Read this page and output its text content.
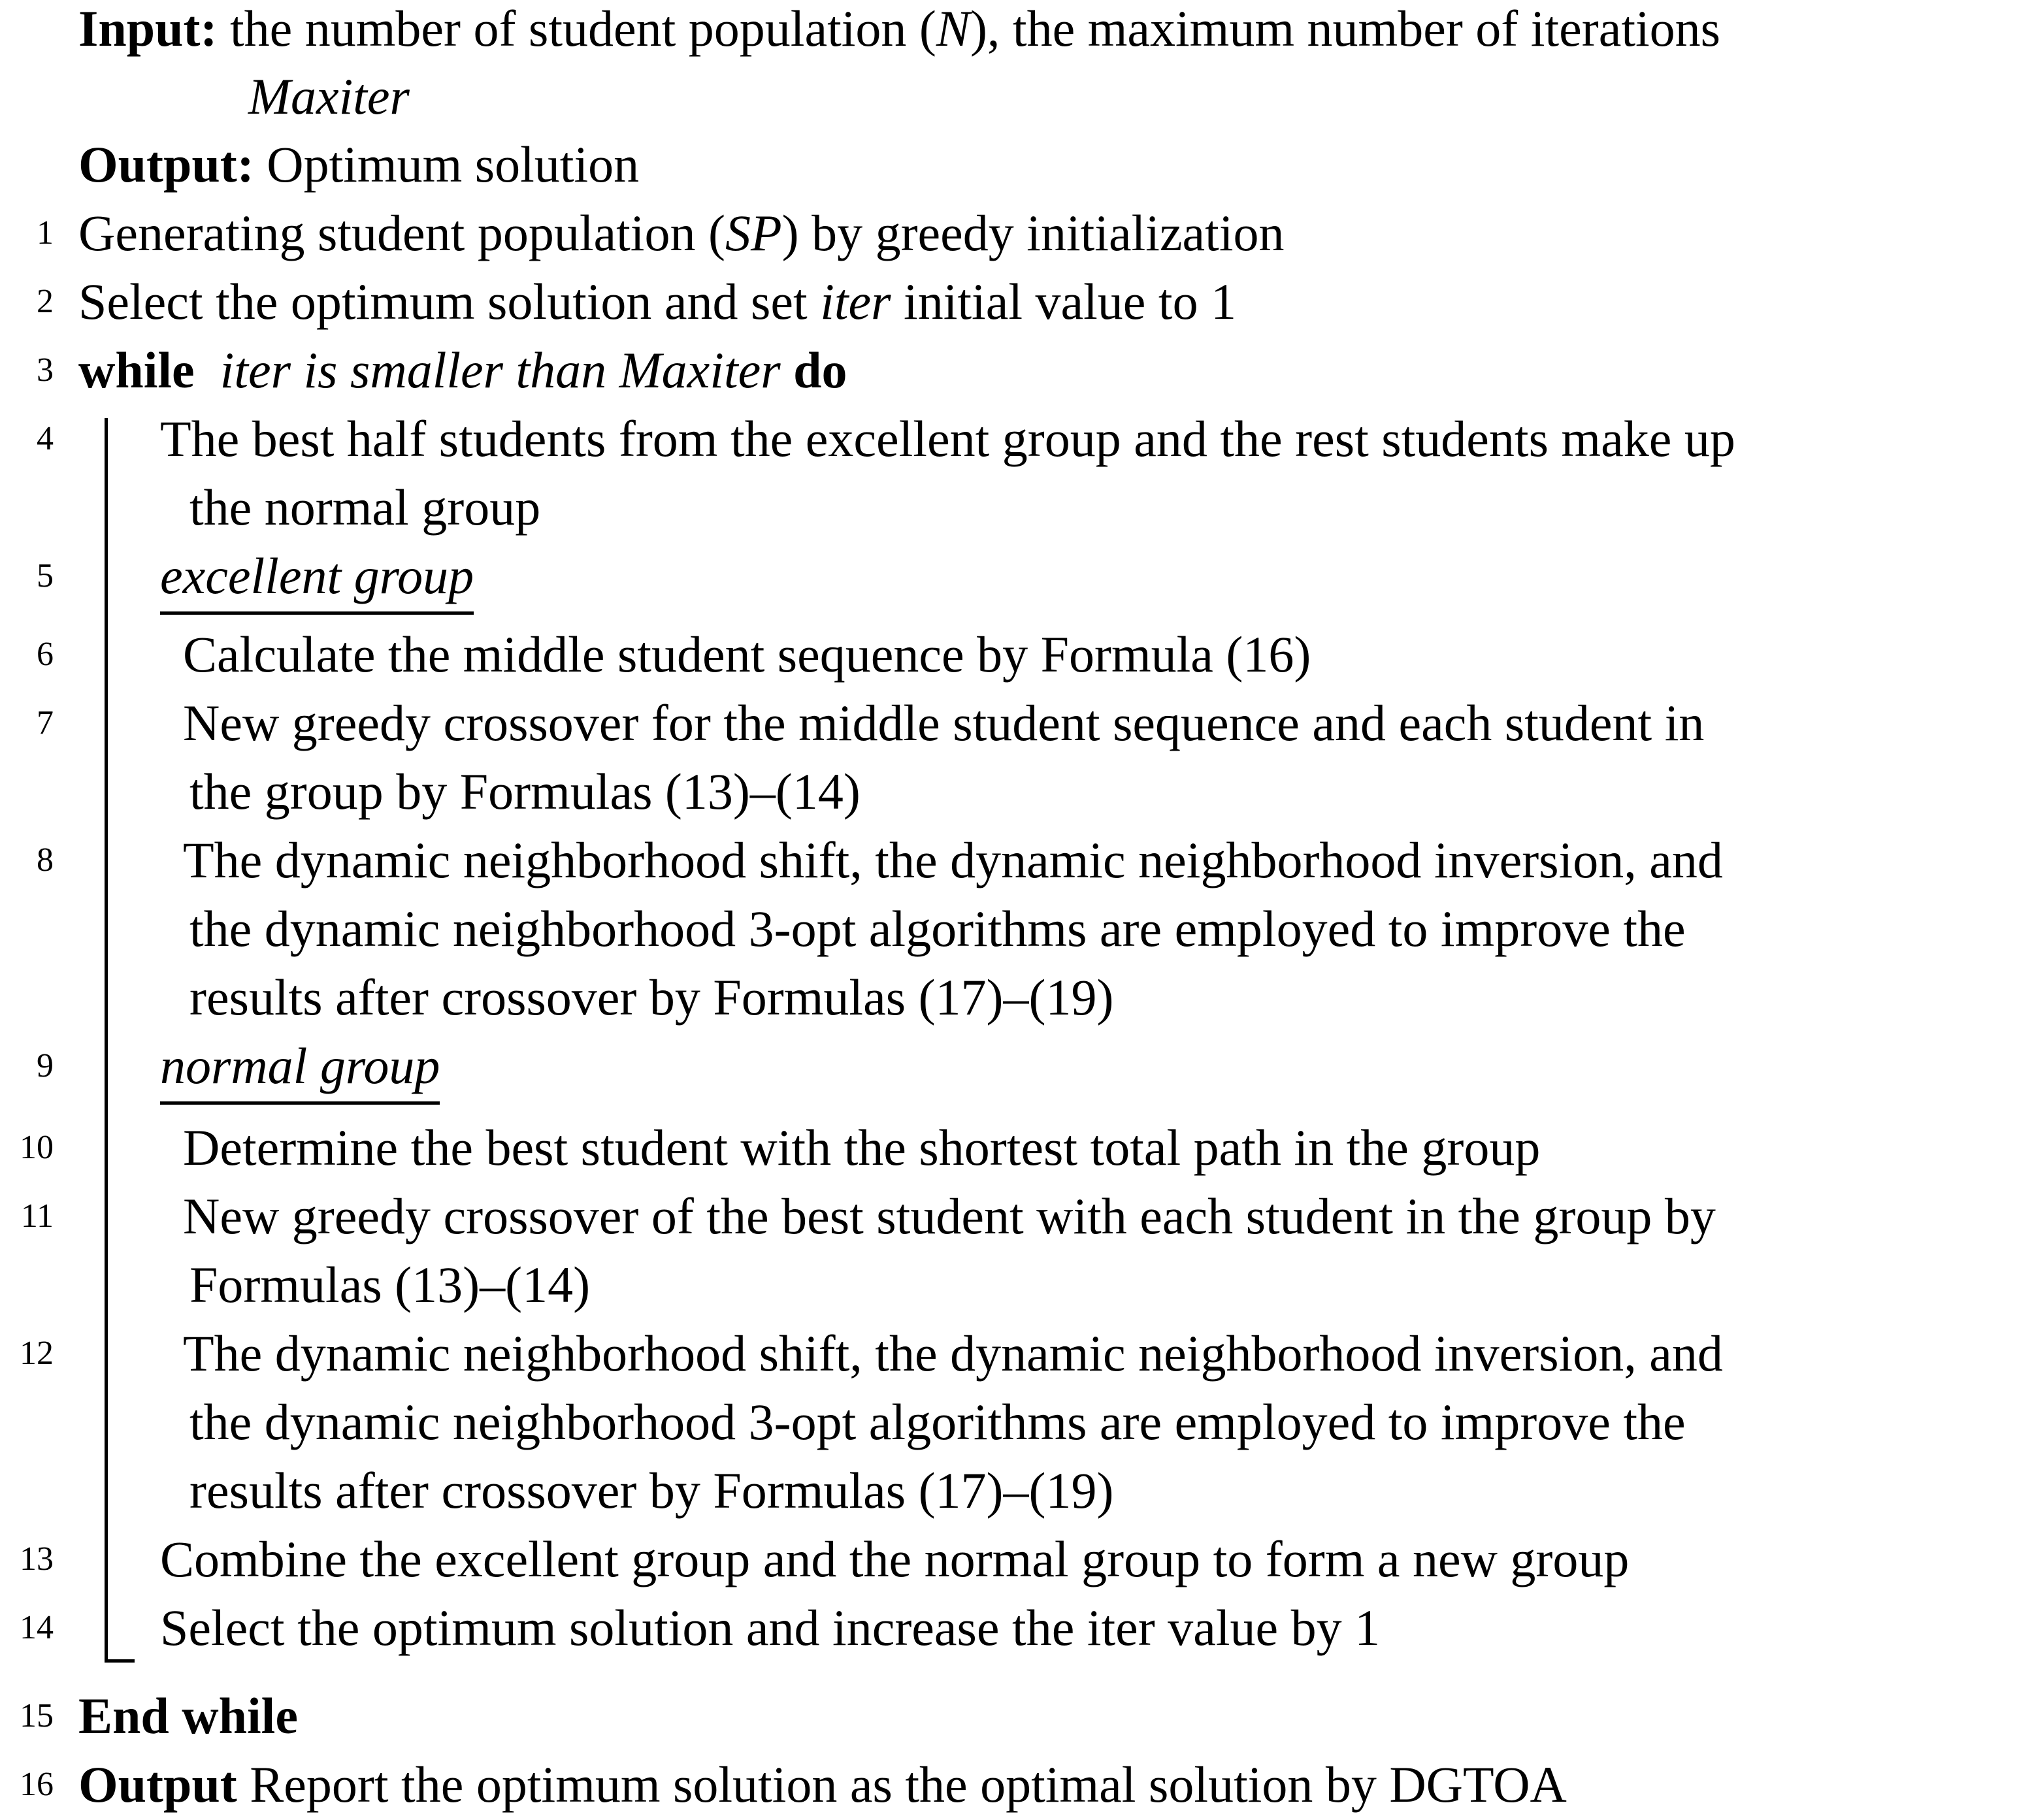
Input: the number of student population (N), the maximum number of iterations
Maxiter
Output: Optimum solution
1 Generating student population (SP) by greedy initialization
2 Select the optimum solution and set iter initial value to 1
3 while iter is smaller than Maxiter do
4 The best half students from the excellent group and the rest students make up
the normal group
5 excellent group
6	Calculate the middle student sequence by Formula (16)
7	New greedy crossover for the middle student sequence and each student in
the group by Formulas (13)–(14)
8	The dynamic neighborhood shift, the dynamic neighborhood inversion, and
the dynamic neighborhood 3-opt algorithms are employed to improve the
results after crossover by Formulas (17)–(19)
9 normal group
10	Determine the best student with the shortest total path in the group
11	New greedy crossover of the best student with each student in the group by
Formulas (13)–(14)
12	The dynamic neighborhood shift, the dynamic neighborhood inversion, and
the dynamic neighborhood 3-opt algorithms are employed to improve the
results after crossover by Formulas (17)–(19)
13 Combine the excellent group and the normal group to form a new group
14 Select the optimum solution and increase the iter value by 1
15 End while
16 Output Report the optimum solution as the optimal solution by DGTOA
